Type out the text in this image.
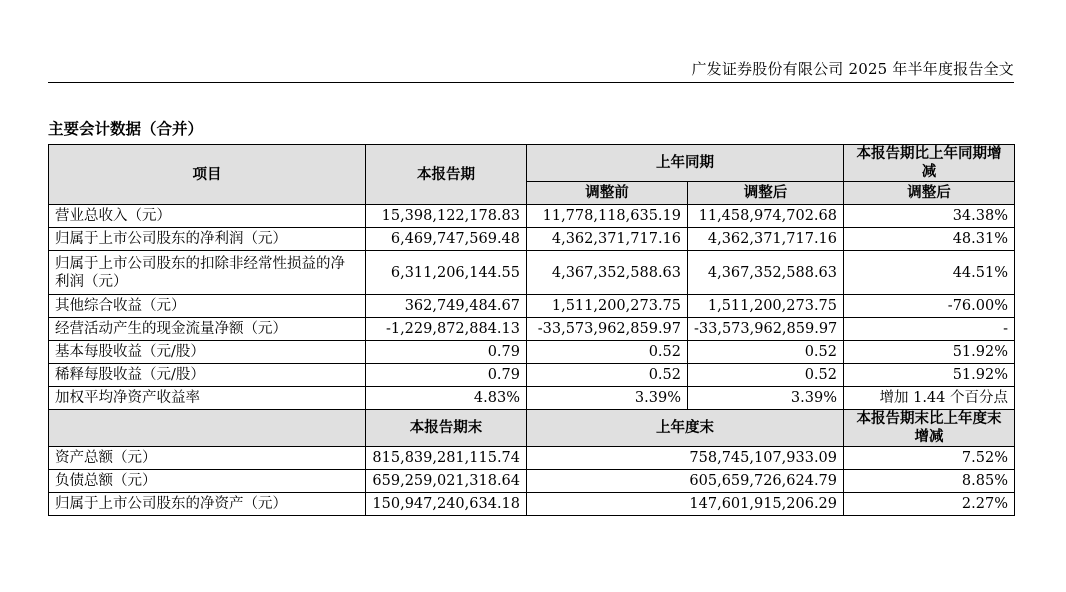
广发证券股份有限公司 2025 年半年度报告全文
主要会计数据（合并）
项目	本报告期	上年同期		本报告期比上年同期增减
		调整前	调整后	调整后
营业总收入（元）	15,398,122,178.83	11,778,118,635.19	11,458,974,702.68	34.38%
归属于上市公司股东的净利润（元）	6,469,747,569.48	4,362,371,717.16	4,362,371,717.16	48.31%
归属于上市公司股东的扣除非经常性损益的净利润（元）	6,311,206,144.55	4,367,352,588.63	4,367,352,588.63	44.51%
其他综合收益（元）	362,749,484.67	1,511,200,273.75	1,511,200,273.75	-76.00%
经营活动产生的现金流量净额（元）	-1,229,872,884.13	-33,573,962,859.97	-33,573,962,859.97	-
基本每股收益（元/股）	0.79	0.52	0.52	51.92%
稀释每股收益（元/股）	0.79	0.52	0.52	51.92%
加权平均净资产收益率	4.83%	3.39%	3.39%	增加 1.44 个百分点
	本报告期末	上年度末		本报告期末比上年度末增减
资产总额（元）	815,839,281,115.74	758,745,107,933.09		7.52%
负债总额（元）	659,259,021,318.64	605,659,726,624.79		8.85%
归属于上市公司股东的净资产（元）	150,947,240,634.18	147,601,915,206.29		2.27%
